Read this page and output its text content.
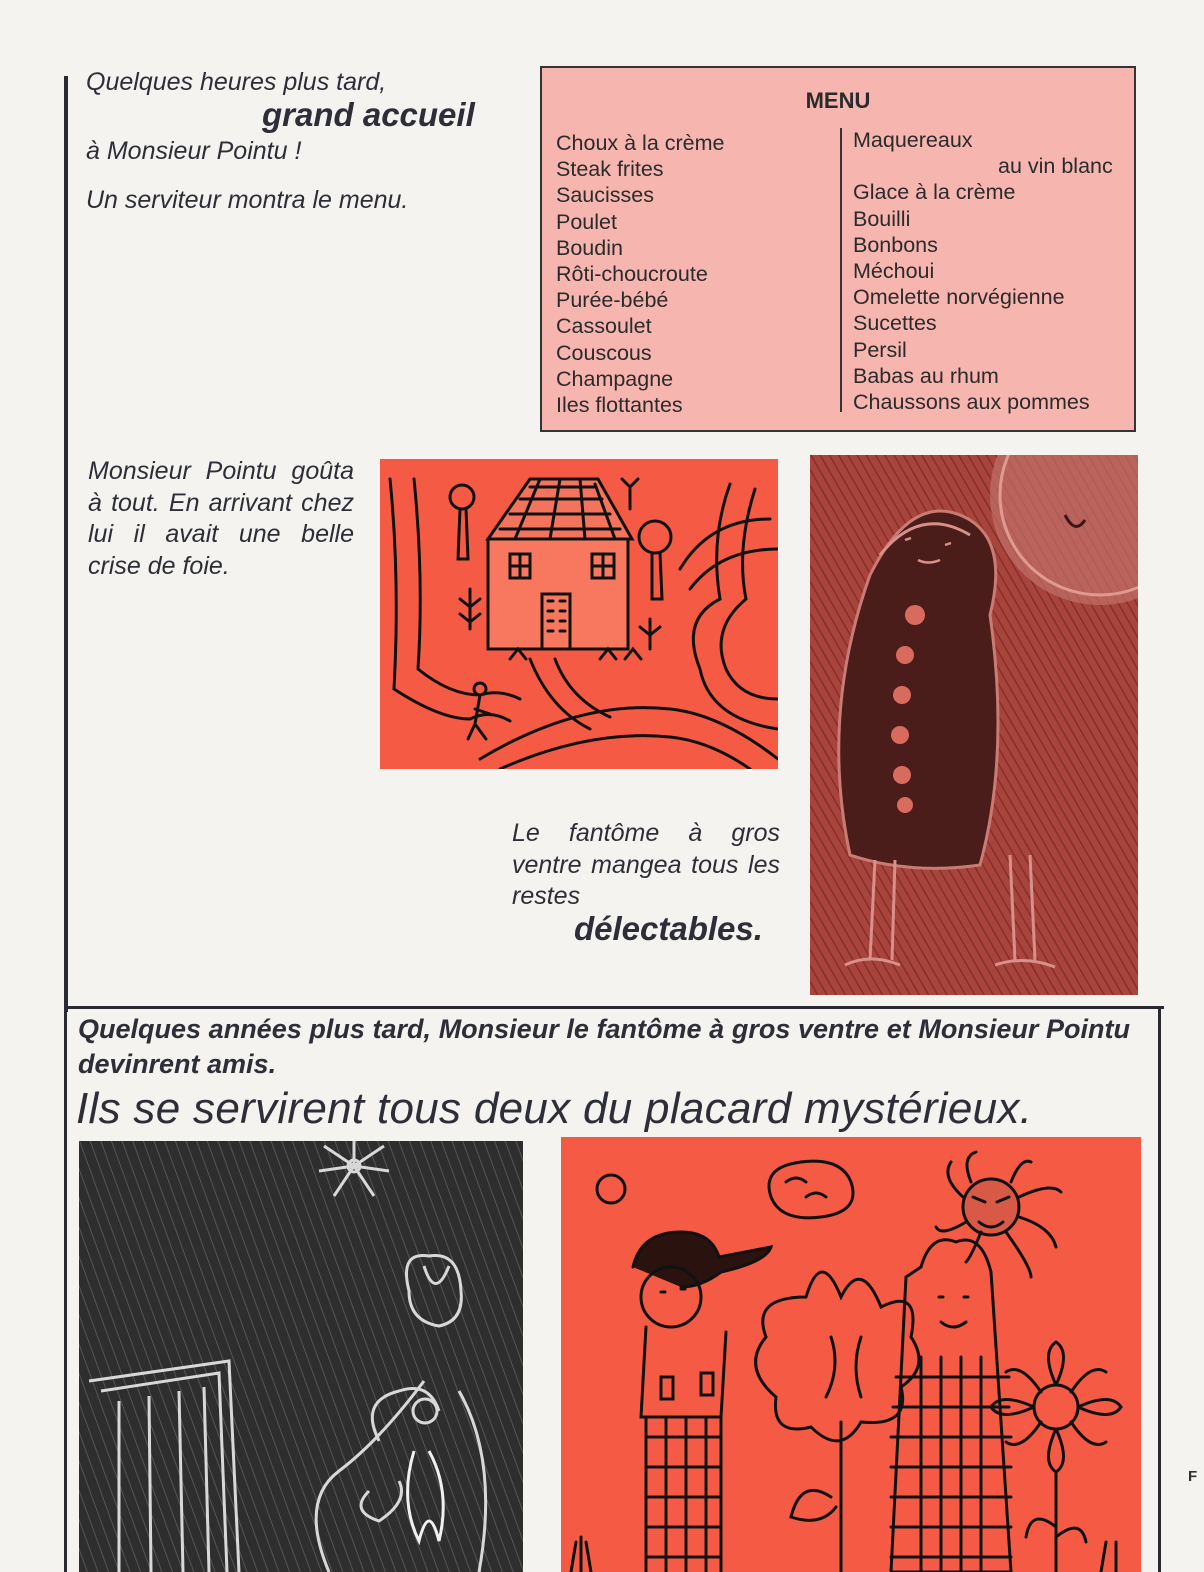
Quelques heures plus tard,
grand accueil
à Monsieur Pointu !
Un serviteur montra le menu.
MENU
Choux à la crème
Steak frites
Saucisses
Poulet
Boudin
Rôti-choucroute
Purée-bébé
Cassoulet
Couscous
Champagne
Iles flottantes
Maquereaux
au vin blanc
Glace à la crème
Bouilli
Bonbons
Méchoui
Omelette norvégienne
Sucettes
Persil
Babas au rhum
Chaussons aux pommes
Monsieur Pointu goûta à tout. En arrivant chez lui il avait une belle crise de foie.
Le fantôme à gros ventre mangea tous les restes
délectables.
Quelques années plus tard, Monsieur le fantôme à gros ventre et Monsieur Pointu devinrent amis.
Ils se servirent tous deux du placard mystérieux.
F
